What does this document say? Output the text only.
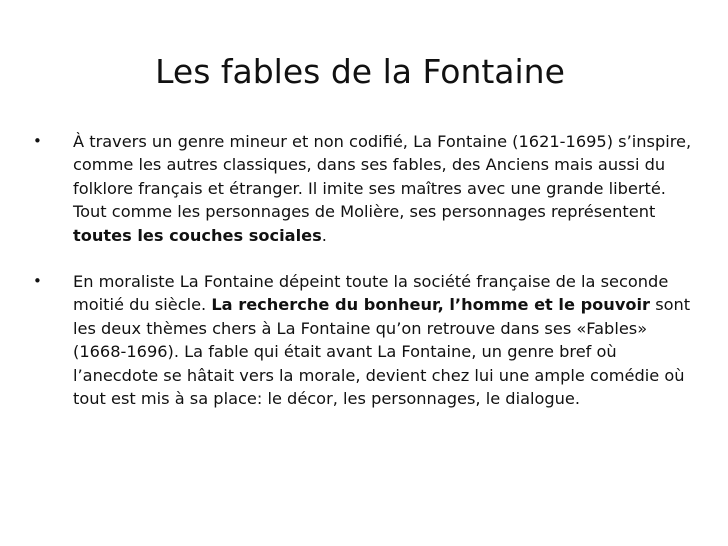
Les fables de la Fontaine
• À travers un genre mineur et non codifié, La Fontaine (1621-1695) s’inspire, comme les autres classiques, dans ses fables, des Anciens mais aussi du folklore français et étranger. Il imite ses maîtres avec une grande liberté. Tout comme les personnages de Molière, ses personnages représentent toutes les couches sociales.
• En moraliste La Fontaine dépeint toute la société française de la seconde moitié du siècle. La recherche du bonheur, l’homme et le pouvoir sont les deux thèmes chers à La Fontaine qu’on retrouve dans ses «Fables» (1668-1696). La fable qui était avant La Fontaine, un genre bref où l’anecdote se hâtait vers la morale, devient chez lui une ample comédie où tout est mis à sa place: le décor, les personnages, le dialogue.
